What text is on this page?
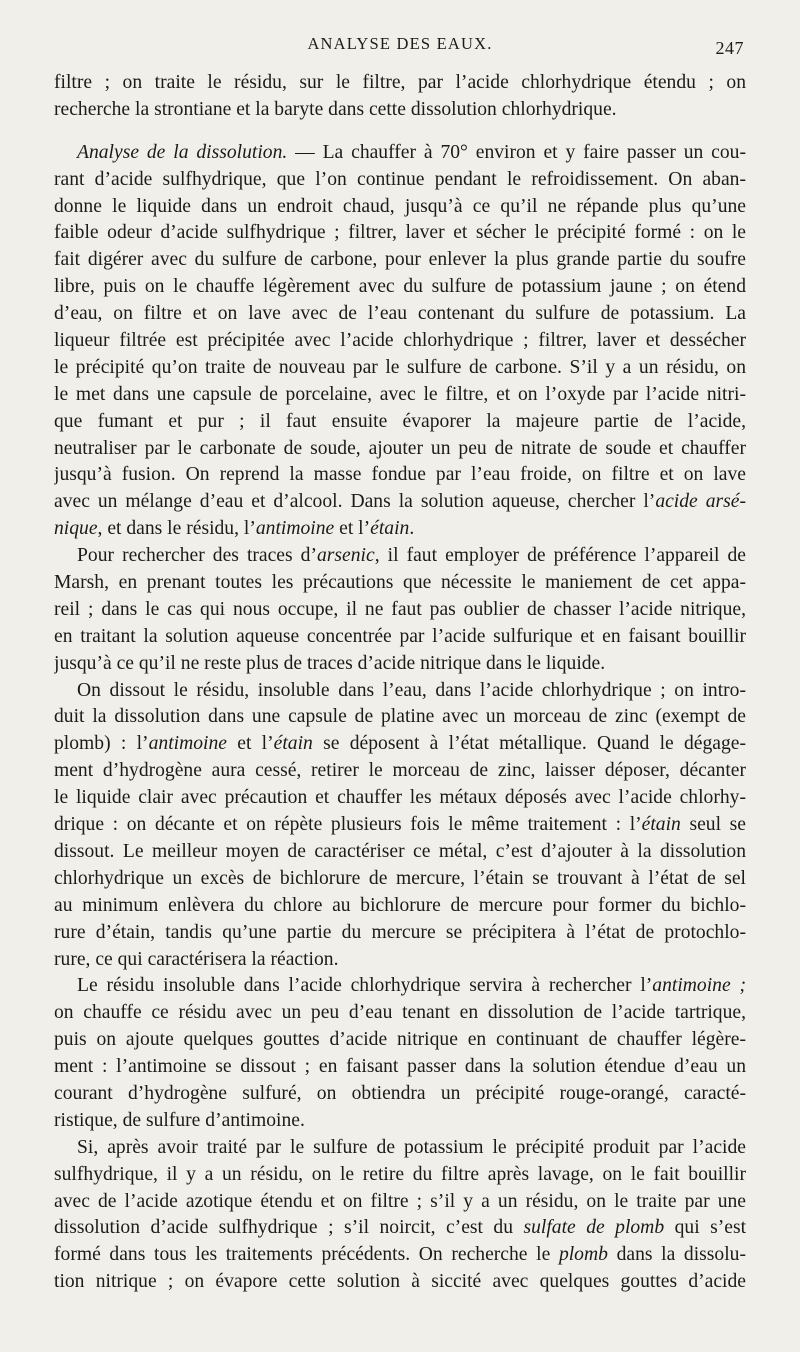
ANALYSE DES EAUX.	247
filtre ; on traite le résidu, sur le filtre, par l’acide chlorhydrique étendu ; on
recherche la strontiane et la baryte dans cette dissolution chlorhydrique.
Analyse de la dissolution. — La chauffer à 70° environ et y faire passer un cou-
rant d’acide sulfhydrique, que l’on continue pendant le refroidissement. On aban-
donne le liquide dans un endroit chaud, jusqu’à ce qu’il ne répande plus qu’une
faible odeur d’acide sulfhydrique ; filtrer, laver et sécher le précipité formé : on le
fait digérer avec du sulfure de carbone, pour enlever la plus grande partie du soufre
libre, puis on le chauffe légèrement avec du sulfure de potassium jaune ; on étend
d’eau, on filtre et on lave avec de l’eau contenant du sulfure de potassium. La
liqueur filtrée est précipitée avec l’acide chlorhydrique ; filtrer, laver et dessécher
le précipité qu’on traite de nouveau par le sulfure de carbone. S’il y a un résidu, on
le met dans une capsule de porcelaine, avec le filtre, et on l’oxyde par l’acide nitri-
que fumant et pur ; il faut ensuite évaporer la majeure partie de l’acide,
neutraliser par le carbonate de soude, ajouter un peu de nitrate de soude et chauffer
jusqu’à fusion. On reprend la masse fondue par l’eau froide, on filtre et on lave
avec un mélange d’eau et d’alcool. Dans la solution aqueuse, chercher l’acide arsé-
nique, et dans le résidu, l’antimoine et l’étain.
Pour rechercher des traces d’arsenic, il faut employer de préférence l’appareil de
Marsh, en prenant toutes les précautions que nécessite le maniement de cet appa-
reil ; dans le cas qui nous occupe, il ne faut pas oublier de chasser l’acide nitrique,
en traitant la solution aqueuse concentrée par l’acide sulfurique et en faisant bouillir
jusqu’à ce qu’il ne reste plus de traces d’acide nitrique dans le liquide.
On dissout le résidu, insoluble dans l’eau, dans l’acide chlorhydrique ; on intro-
duit la dissolution dans une capsule de platine avec un morceau de zinc (exempt de
plomb) : l’antimoine et l’étain se déposent à l’état métallique. Quand le dégage-
ment d’hydrogène aura cessé, retirer le morceau de zinc, laisser déposer, décanter
le liquide clair avec précaution et chauffer les métaux déposés avec l’acide chlorhy-
drique : on décante et on répète plusieurs fois le même traitement : l’étain seul se
dissout. Le meilleur moyen de caractériser ce métal, c’est d’ajouter à la dissolution
chlorhydrique un excès de bichlorure de mercure, l’étain se trouvant à l’état de sel
au minimum enlèvera du chlore au bichlorure de mercure pour former du bichlo-
rure d’étain, tandis qu’une partie du mercure se précipitera à l’état de protochlo-
rure, ce qui caractérisera la réaction.
Le résidu insoluble dans l’acide chlorhydrique servira à rechercher l’antimoine ;
on chauffe ce résidu avec un peu d’eau tenant en dissolution de l’acide tartrique,
puis on ajoute quelques gouttes d’acide nitrique en continuant de chauffer légère-
ment : l’antimoine se dissout ; en faisant passer dans la solution étendue d’eau un
courant d’hydrogène sulfuré, on obtiendra un précipité rouge-orangé, caracté-
ristique, de sulfure d’antimoine.
Si, après avoir traité par le sulfure de potassium le précipité produit par l’acide
sulfhydrique, il y a un résidu, on le retire du filtre après lavage, on le fait bouillir
avec de l’acide azotique étendu et on filtre ; s’il y a un résidu, on le traite par une
dissolution d’acide sulfhydrique ; s’il noircit, c’est du sulfate de plomb qui s’est
formé dans tous les traitements précédents. On recherche le plomb dans la dissolu-
tion nitrique ; on évapore cette solution à siccité avec quelques gouttes d’acide
